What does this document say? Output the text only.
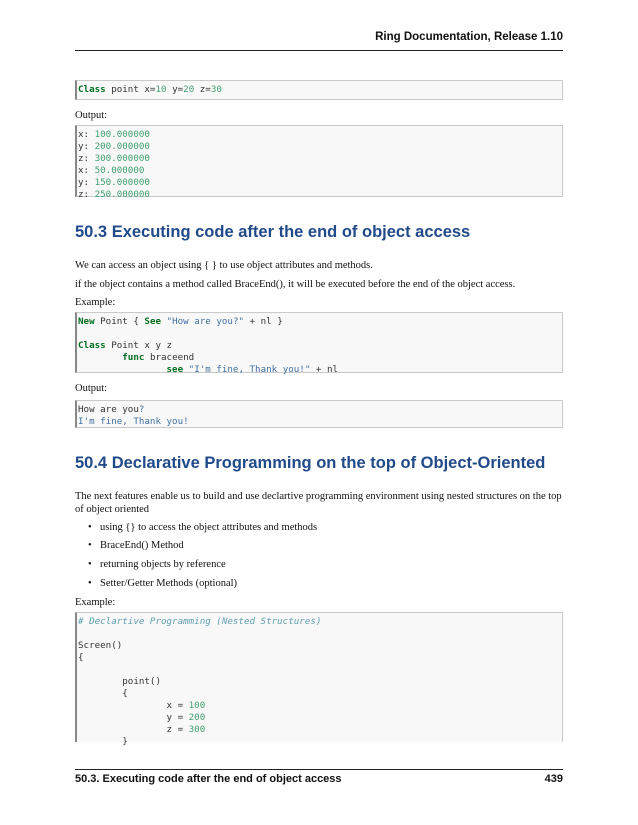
Ring Documentation, Release 1.10
Class point x=10 y=20 z=30
Output:
x: 100.000000
y: 200.000000
z: 300.000000
x: 50.000000
y: 150.000000
z: 250.000000
50.3 Executing code after the end of object access
We can access an object using { } to use object attributes and methods.
if the object contains a method called BraceEnd(), it will be executed before the end of the object access.
Example:
New Point { See "How are you?" + nl }
Class Point x y z
func braceend
see "I'm fine, Thank you!" + nl
Output:
How are you?
I'm fine, Thank you!
50.4 Declarative Programming on the top of Object-Oriented
The next features enable us to build and use declartive programming environment using nested structures on the top of object oriented
• using {} to access the object attributes and methods
• BraceEnd() Method
• returning objects by reference
• Setter/Getter Methods (optional)
Example:
# Declartive Programming (Nested Structures)
Screen()
{
point()
{
x = 100
y = 200
z = 300
}
50.3. Executing code after the end of object access	439
